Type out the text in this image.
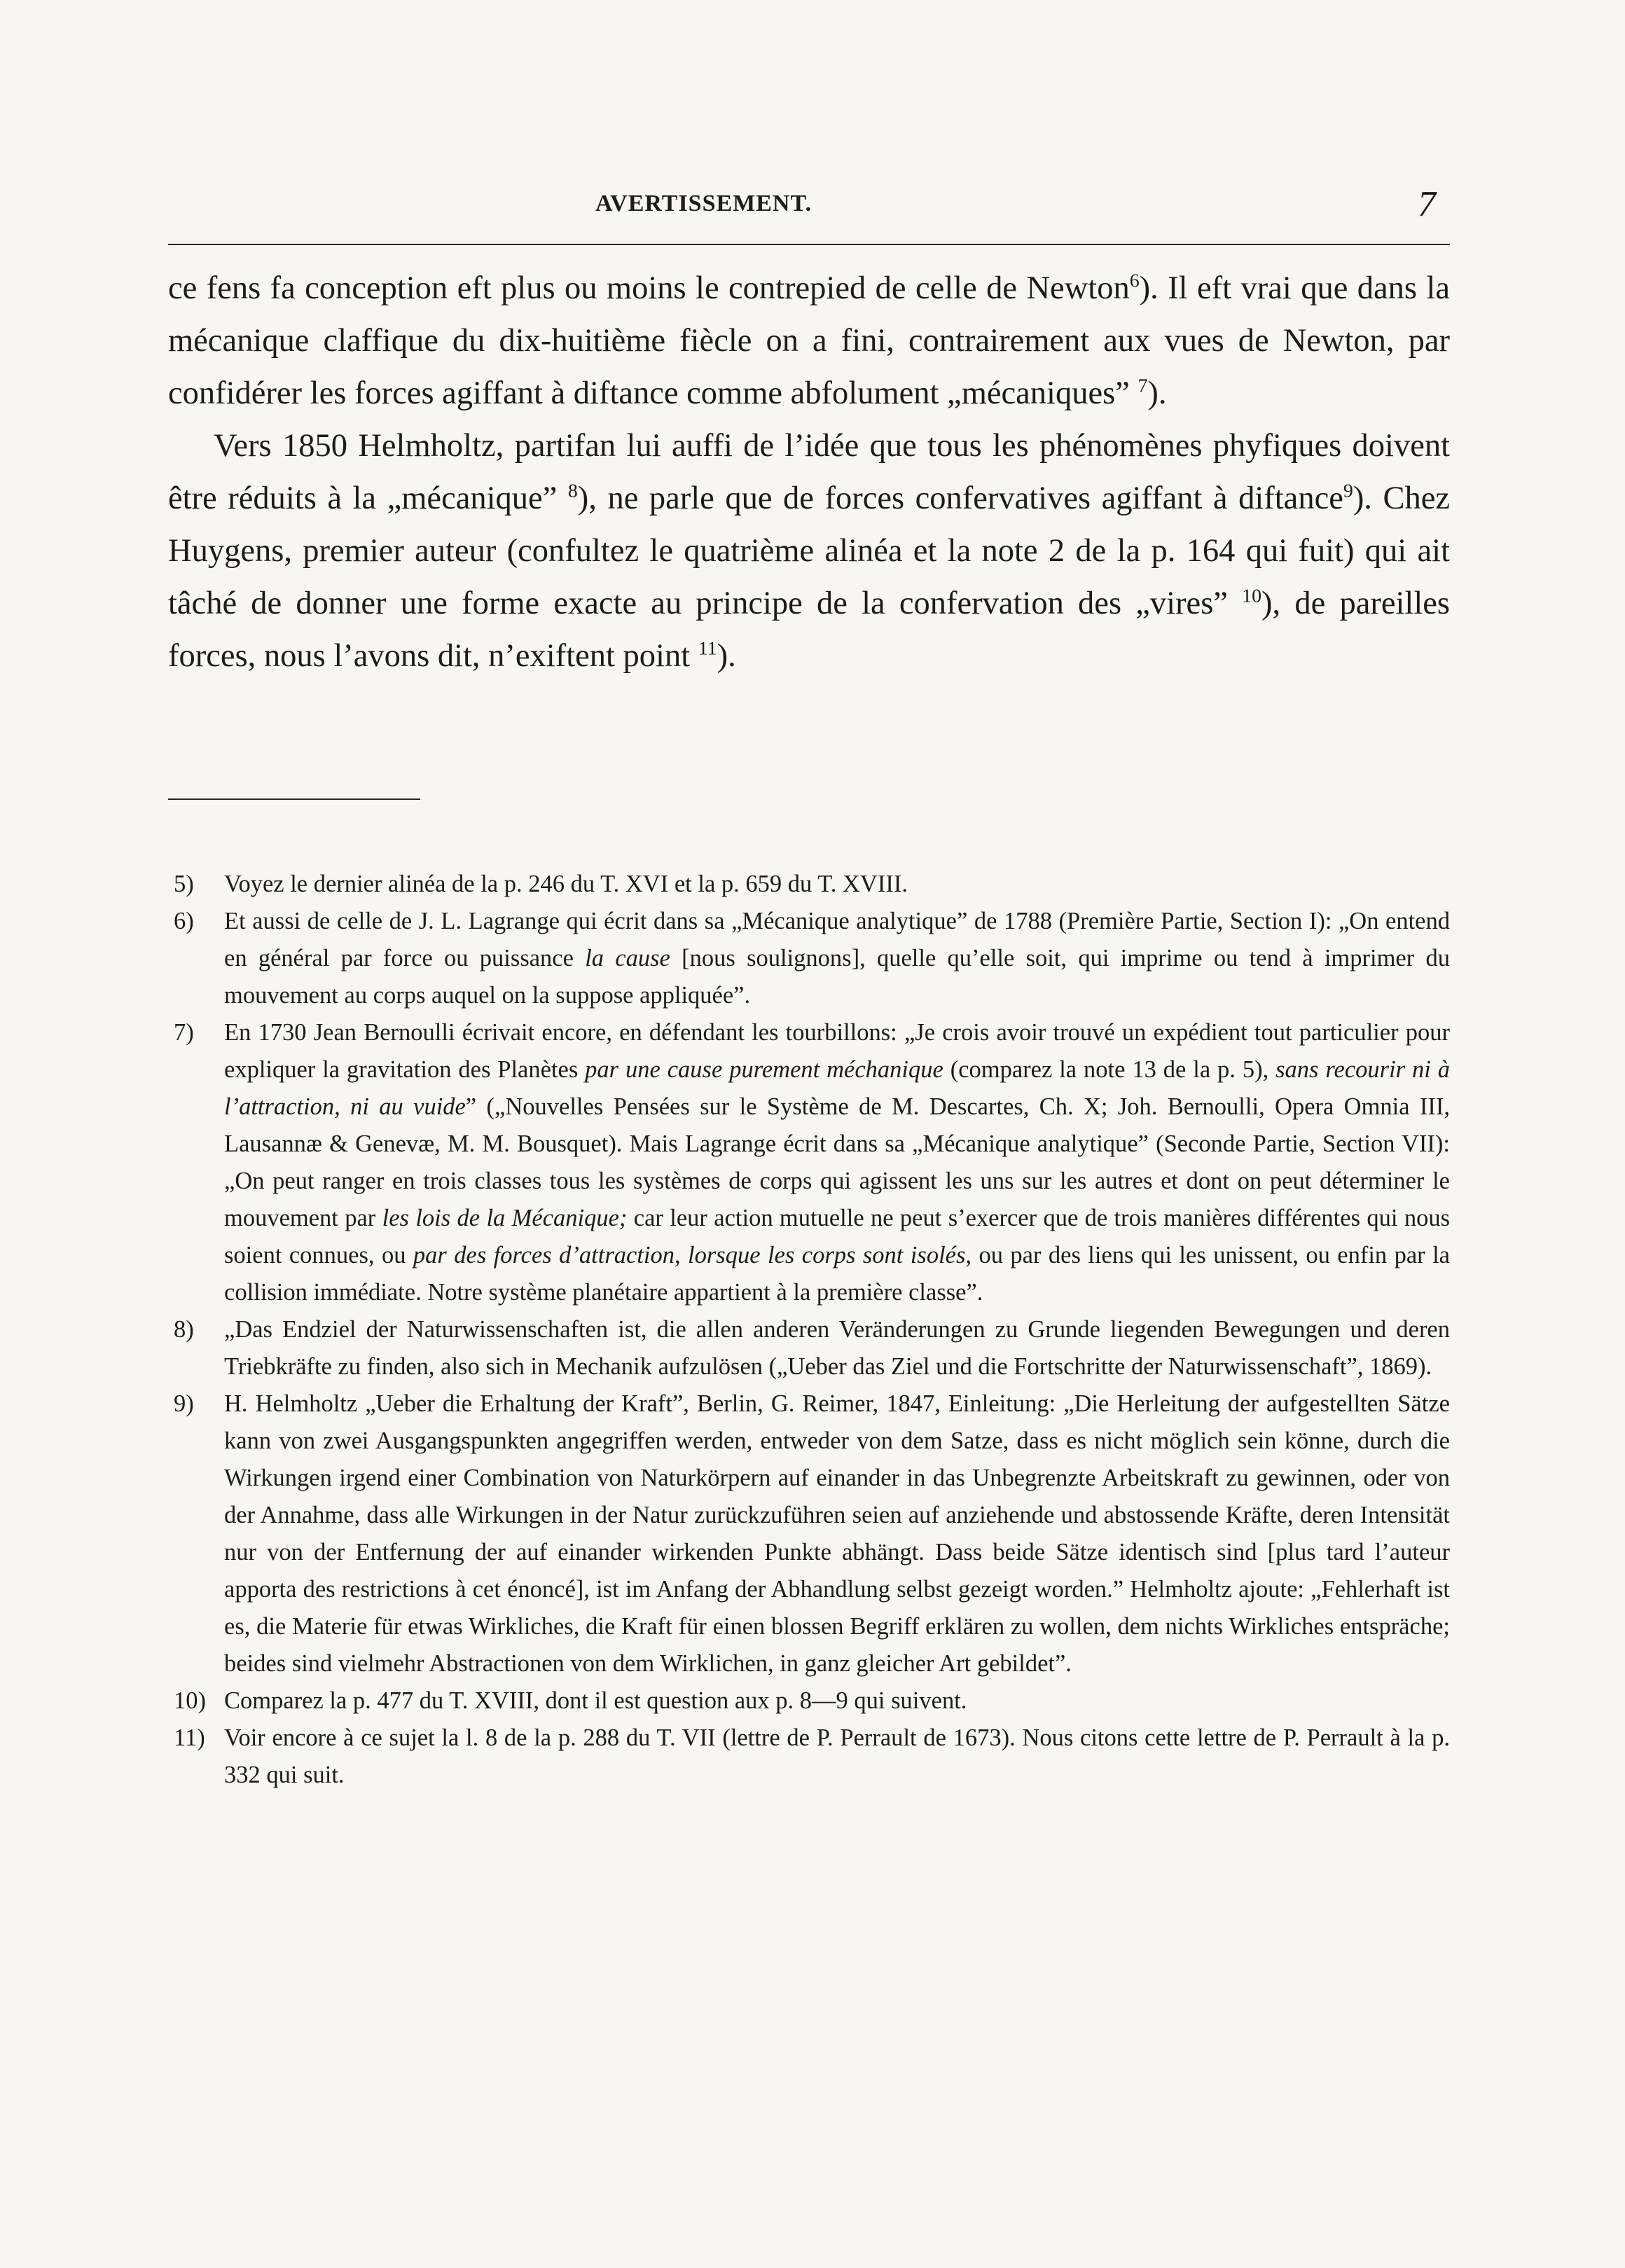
AVERTISSEMENT.	7

ce fens fa conception eft plus ou moins le contrepied de celle de Newton$^6$). Il eft vrai que dans la mécanique claffique du dix-huitième fiècle on a fini, contrairement aux vues de Newton, par confidérer les forces agiffant à diftance comme abfolument „mécaniques” $^7$).

Vers 1850 Helmholtz, partifan lui auffi de l’idée que tous les phénomènes phyfiques doivent être réduits à la „mécanique” $^8$), ne parle que de forces confervatives agiffant à diftance$^9$). Chez Huygens, premier auteur (confultez le quatrième alinéa et la note 2 de la p. 164 qui fuit) qui ait tâché de donner une forme exacte au principe de la confervation des „vires” $^{10}$), de pareilles forces, nous l’avons dit, n’exiftent point $^{11}$).

5) Voyez le dernier alinéa de la p. 246 du T. XVI et la p. 659 du T. XVIII.

6) Et aussi de celle de J. L. Lagrange qui écrit dans sa „Mécanique analytique” de 1788 (Première Partie, Section I): „On entend en général par force ou puissance la cause [nous soulignons], quelle qu’elle soit, qui imprime ou tend à imprimer du mouvement au corps auquel on la suppose appliquée”.

7) En 1730 Jean Bernoulli écrivait encore, en défendant les tourbillons: „Je crois avoir trouvé un expédient tout particulier pour expliquer la gravitation des Planètes par une cause purement méchanique (comparez la note 13 de la p. 5), sans recourir ni à l’attraction, ni au vuide” („Nouvelles Pensées sur le Système de M. Descartes, Ch. X; Joh. Bernoulli, Opera Omnia III, Lausannæ & Genevæ, M. M. Bousquet). Mais Lagrange écrit dans sa „Mécanique analytique” (Seconde Partie, Section VII): „On peut ranger en trois classes tous les systèmes de corps qui agissent les uns sur les autres et dont on peut déterminer le mouvement par les lois de la Mécanique; car leur action mutuelle ne peut s’exercer que de trois manières différentes qui nous soient connues, ou par des forces d’attraction, lorsque les corps sont isolés, ou par des liens qui les unissent, ou enfin par la collision immédiate. Notre système planétaire appartient à la première classe”.

8) „Das Endziel der Naturwissenschaften ist, die allen anderen Veränderungen zu Grunde liegenden Bewegungen und deren Triebkräfte zu finden, also sich in Mechanik aufzulösen („Ueber das Ziel und die Fortschritte der Naturwissenschaft”, 1869).

9) H. Helmholtz „Ueber die Erhaltung der Kraft”, Berlin, G. Reimer, 1847, Einleitung: „Die Herleitung der aufgestellten Sätze kann von zwei Ausgangspunkten angegriffen werden, entweder von dem Satze, dass es nicht möglich sein könne, durch die Wirkungen irgend einer Combination von Naturkörpern auf einander in das Unbegrenzte Arbeitskraft zu gewinnen, oder von der Annahme, dass alle Wirkungen in der Natur zurückzuführen seien auf anziehende und abstossende Kräfte, deren Intensität nur von der Entfernung der auf einander wirkenden Punkte abhängt. Dass beide Sätze identisch sind [plus tard l’auteur apporta des restrictions à cet énoncé], ist im Anfang der Abhandlung selbst gezeigt worden.” Helmholtz ajoute: „Fehlerhaft ist es, die Materie für etwas Wirkliches, die Kraft für einen blossen Begriff erklären zu wollen, dem nichts Wirkliches entspräche; beides sind vielmehr Abstractionen von dem Wirklichen, in ganz gleicher Art gebildet”.

10) Comparez la p. 477 du T. XVIII, dont il est question aux p. 8—9 qui suivent.

11) Voir encore à ce sujet la l. 8 de la p. 288 du T. VII (lettre de P. Perrault de 1673). Nous citons cette lettre de P. Perrault à la p. 332 qui suit.
